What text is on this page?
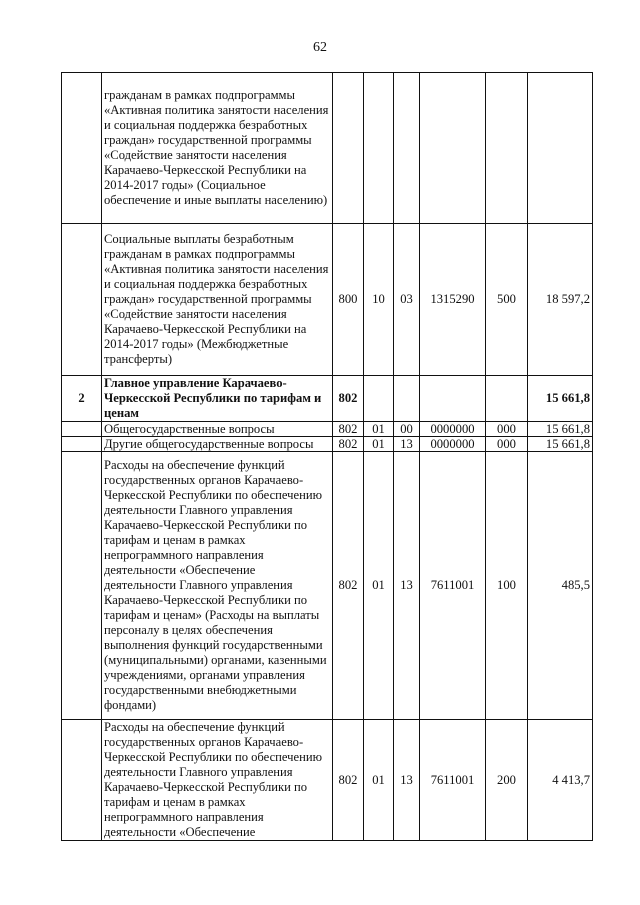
62
	гражданам в рамках подпрограммы «Активная политика занятости населения и социальная поддержка безработных граждан» государственной программы «Содействие занятости населения Карачаево-Черкесской Республики на 2014-2017 годы» (Социальное обеспечение и иные выплаты населению)						
	Социальные выплаты безработным гражданам в рамках подпрограммы «Активная политика занятости населения и социальная поддержка безработных граждан» государственной программы «Содействие занятости населения Карачаево-Черкесской Республики на 2014-2017 годы» (Межбюджетные трансферты)	800	10	03	1315290	500	18 597,2
2	Главное управление Карачаево-Черкесской Республики по тарифам и ценам	802					15 661,8
	Общегосударственные вопросы	802	01	00	0000000	000	15 661,8
	Другие общегосударственные вопросы	802	01	13	0000000	000	15 661,8
	Расходы на обеспечение функций государственных органов Карачаево-Черкесской Республики по обеспечению деятельности Главного управления Карачаево-Черкесской Республики по тарифам и ценам в рамках непрограммного направления деятельности «Обеспечение деятельности Главного управления Карачаево-Черкесской Республики по тарифам и ценам» (Расходы на выплаты персоналу в целях обеспечения выполнения функций государственными (муниципальными) органами, казенными учреждениями, органами управления государственными внебюджетными фондами)	802	01	13	7611001	100	485,5
	Расходы на обеспечение функций государственных органов Карачаево-Черкесской Республики по обеспечению деятельности Главного управления Карачаево-Черкесской Республики по тарифам и ценам в рамках непрограммного направления деятельности «Обеспечение	802	01	13	7611001	200	4 413,7
